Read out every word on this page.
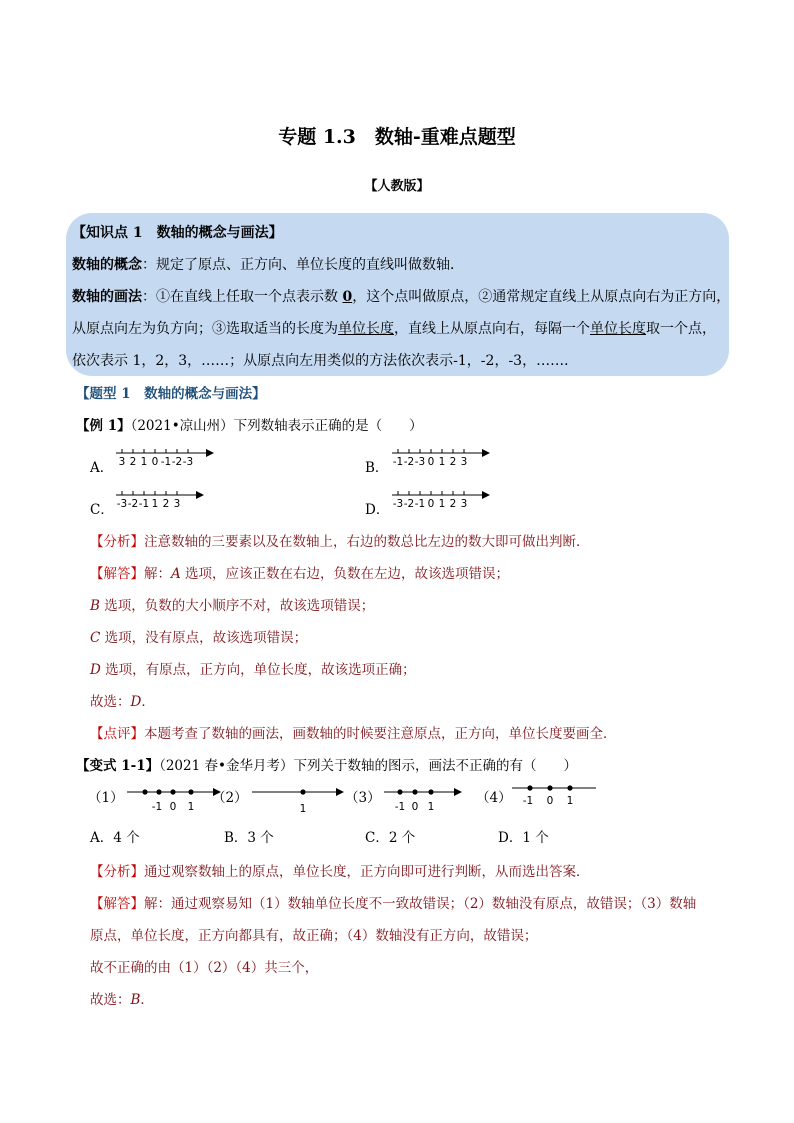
专题 1.3　数轴-重难点题型
【人教版】
【知识点 1　数轴的概念与画法】
数轴的概念：规定了原点、正方向、单位长度的直线叫做数轴．
数轴的画法：①在直线上任取一个点表示数 0，这个点叫做原点，②通常规定直线上从原点向右为正方向，
从原点向左为负方向；③选取适当的长度为单位长度，直线上从原点向右，每隔一个单位长度取一个点，
依次表示 1，2，3，……；从原点向左用类似的方法依次表示-1，-2，-3，……．
【题型 1　数轴的概念与画法】
【例 1】（2021•凉山州）下列数轴表示正确的是（　　）
A． 3 2 1 0 -1 -2 -3	B． -1 -2 -3 0 1 2 3
C． -3 -2 -1 1 2 3	D． -3 -2 -1 0 1 2 3
【分析】注意数轴的三要素以及在数轴上，右边的数总比左边的数大即可做出判断．
【解答】解：A 选项，应该正数在右边，负数在左边，故该选项错误；
B 选项，负数的大小顺序不对，故该选项错误；
C 选项，没有原点，故该选项错误；
D 选项，有原点，正方向，单位长度，故该选项正确；
故选：D．
【点评】本题考查了数轴的画法，画数轴的时候要注意原点，正方向，单位长度要画全．
【变式 1-1】（2021 春•金华月考）下列关于数轴的图示，画法不正确的有（　　）
（1）
-1 0 1
（2）
1
（3）
-1 0 1
（4） -1 0 1
A．4 个	B．3 个	C．2 个	D．1 个
【分析】通过观察数轴上的原点，单位长度，正方向即可进行判断，从而选出答案．
【解答】解：通过观察易知（1）数轴单位长度不一致故错误；（2）数轴没有原点，故错误；（3）数轴
原点，单位长度，正方向都具有，故正确；（4）数轴没有正方向，故错误；
故不正确的由（1）（2）（4）共三个，
故选：B．
